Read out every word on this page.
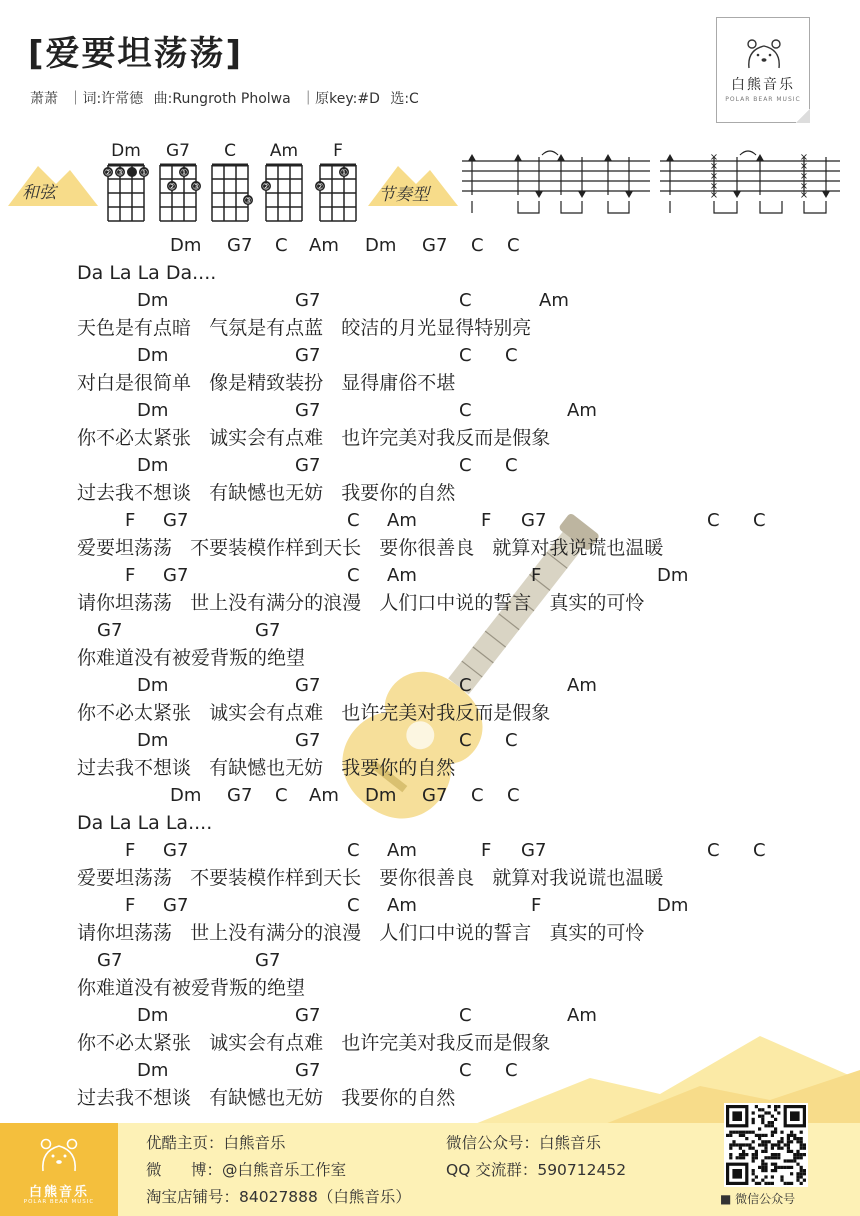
[爱要坦荡荡]
萧萧 ｜词:许常德 曲:Rungroth Pholwa ｜原key:#D 选:C
白熊音乐
POLAR BEAR MUSIC
和弦
Dm
② ③ ①
G7
②
①
③
C
③
Am
②
F
②
①
节奏型
×
×
×
×
×
×
×
×
×
×
Dm G7 C Am Dm G7 C C
Da La La Da....
Dm	G7	C	Am
天色是有点暗   气氛是有点蓝   皎洁的月光显得特别亮
Dm	G7	C C
对白是很简单   像是精致装扮   显得庸俗不堪
Dm	G7	C	Am
你不必太紧张   诚实会有点难   也许完美对我反而是假象
Dm	G7	C C
过去我不想谈   有缺憾也无妨   我要你的自然
F G7	C Am	F G7	C C
爱要坦荡荡   不要装模作样到天长   要你很善良   就算对我说谎也温暖
F G7	C Am	F	Dm
请你坦荡荡   世上没有满分的浪漫   人们口中说的誓言   真实的可怜
G7	G7
你难道没有被爱背叛的绝望
Dm	G7	C	Am
你不必太紧张   诚实会有点难   也许完美对我反而是假象
Dm	G7	C C
过去我不想谈   有缺憾也无妨   我要你的自然
Dm G7 C Am Dm G7 C C
Da La La La....
F G7	C Am	F G7	C C
爱要坦荡荡   不要装模作样到天长   要你很善良   就算对我说谎也温暖
F G7	C Am	F	Dm
请你坦荡荡   世上没有满分的浪漫   人们口中说的誓言   真实的可怜
G7	G7
你难道没有被爱背叛的绝望
Dm	G7	C	Am
你不必太紧张   诚实会有点难   也许完美对我反而是假象
Dm	G7	C C
过去我不想谈   有缺憾也无妨   我要你的自然
白熊音乐
POLAR BEAR MUSIC
优酷主页：白熊音乐
微      博：@白熊音乐工作室
淘宝店铺号：84027888（白熊音乐）
微信公众号：白熊音乐
QQ 交流群：590712452
■ 微信公众号
